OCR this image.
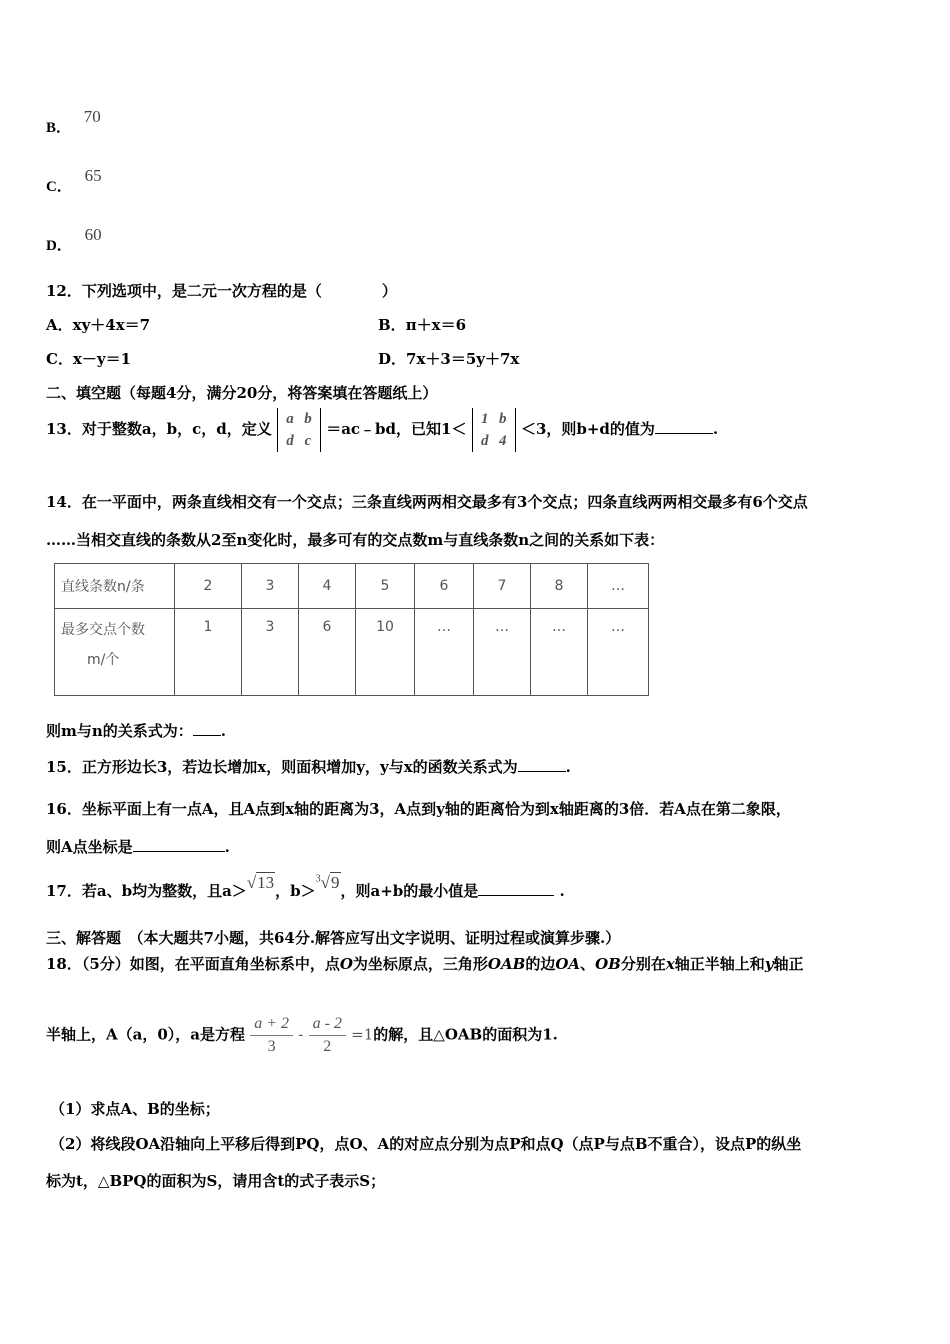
B． 70
C． 65
D． 60
12．下列选项中，是二元一次方程的是（　　　　）
A．xy＋4x＝7	B．π＋x＝6
C．x－y＝1	D．7x＋3＝5y＋7x
二、填空题（每题4分，满分20分，将答案填在答题纸上）
13．对于整数a，b，c，d，定义
a b
d c
＝ac﹣bd，已知1＜
1 b
d 4
＜3，则b+d的值为	.
14．在一平面中，两条直线相交有一个交点；三条直线两两相交最多有3个交点；四条直线两两相交最多有6个交点
……当相交直线的条数从2至n变化时，最多可有的交点数m与直线条数n之间的关系如下表：
直线条数n/条	2	3	4	5	6	7	8	…

最多交点个数
m/个	1	3	6	10	…	…	…	…
则m与n的关系式为： .
15．正方形边长3，若边长增加x，则面积增加y，y与x的函数关系式为	.
16．坐标平面上有一点A，且A点到x轴的距离为3，A点到y轴的距离恰为到x轴距离的3倍．若A点在第二象限，
则A点坐标是	.
17．若a、b均为整数，且a＞√13，b＞$^3$√9，则a+b的最小值是	.
三、解答题　（本大题共7小题，共64分.解答应写出文字说明、证明过程或演算步骤.）
18．（5分）如图，在平面直角坐标系中，点O为坐标原点，三角形OAB的边OA、OB分别在x轴正半轴上和y轴正
半轴上，A（a，0），a是方程 $\frac{a + 2}{3} - \frac{a - 2}{2} =1$的解，且△OAB的面积为1.
（1）求点A、B的坐标；
（2）将线段OA沿轴向上平移后得到PQ，点O、A的对应点分别为点P和点Q（点P与点B不重合），设点P的纵坐
标为t，△BPQ的面积为S，请用含t的式子表示S；
